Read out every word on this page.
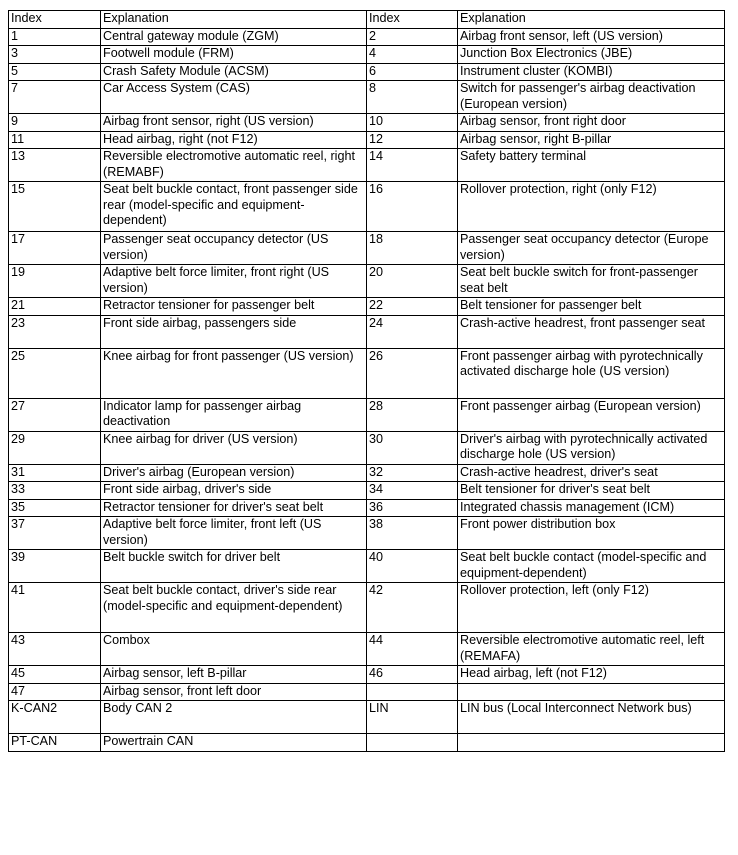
Index	Explanation	Index	Explanation
1	Central gateway module (ZGM)	2	Airbag front sensor, left (US version)
3	Footwell module (FRM)	4	Junction Box Electronics (JBE)
5	Crash Safety Module (ACSM)	6	Instrument cluster (KOMBI)
7	Car Access System (CAS)	8	Switch for passenger's airbag deactivation (European version)
9	Airbag front sensor, right (US version)	10	Airbag sensor, front right door
11	Head airbag, right (not F12)	12	Airbag sensor, right B-pillar
13	Reversible electromotive automatic reel, right (REMABF)	14	Safety battery terminal
15	Seat belt buckle contact, front passenger side rear (model-specific and equipment-dependent)	16	Rollover protection, right (only F12)
17	Passenger seat occupancy detector (US version)	18	Passenger seat occupancy detector (Europe version)
19	Adaptive belt force limiter, front right (US version)	20	Seat belt buckle switch for front-passenger seat belt
21	Retractor tensioner for passenger belt	22	Belt tensioner for passenger belt
23	Front side airbag, passengers side	24	Crash-active headrest, front passenger seat
25	Knee airbag for front passenger (US version)	26	Front passenger airbag with pyrotechnically activated discharge hole (US version)
27	Indicator lamp for passenger airbag deactivation	28	Front passenger airbag (European version)
29	Knee airbag for driver (US version)	30	Driver's airbag with pyrotechnically activated discharge hole (US version)
31	Driver's airbag (European version)	32	Crash-active headrest, driver's seat
33	Front side airbag, driver's side	34	Belt tensioner for driver's seat belt
35	Retractor tensioner for driver's seat belt	36	Integrated chassis management (ICM)
37	Adaptive belt force limiter, front left (US version)	38	Front power distribution box
39	Belt buckle switch for driver belt	40	Seat belt buckle contact (model-specific and equipment-dependent)
41	Seat belt buckle contact, driver's side rear (model-specific and equipment-dependent)	42	Rollover protection, left (only F12)
43	Combox	44	Reversible electromotive automatic reel, left (REMAFA)
45	Airbag sensor, left B-pillar	46	Head airbag, left (not F12)
47	Airbag sensor, front left door		
K-CAN2	Body CAN 2	LIN	LIN bus (Local Interconnect Network bus)
PT-CAN	Powertrain CAN		
